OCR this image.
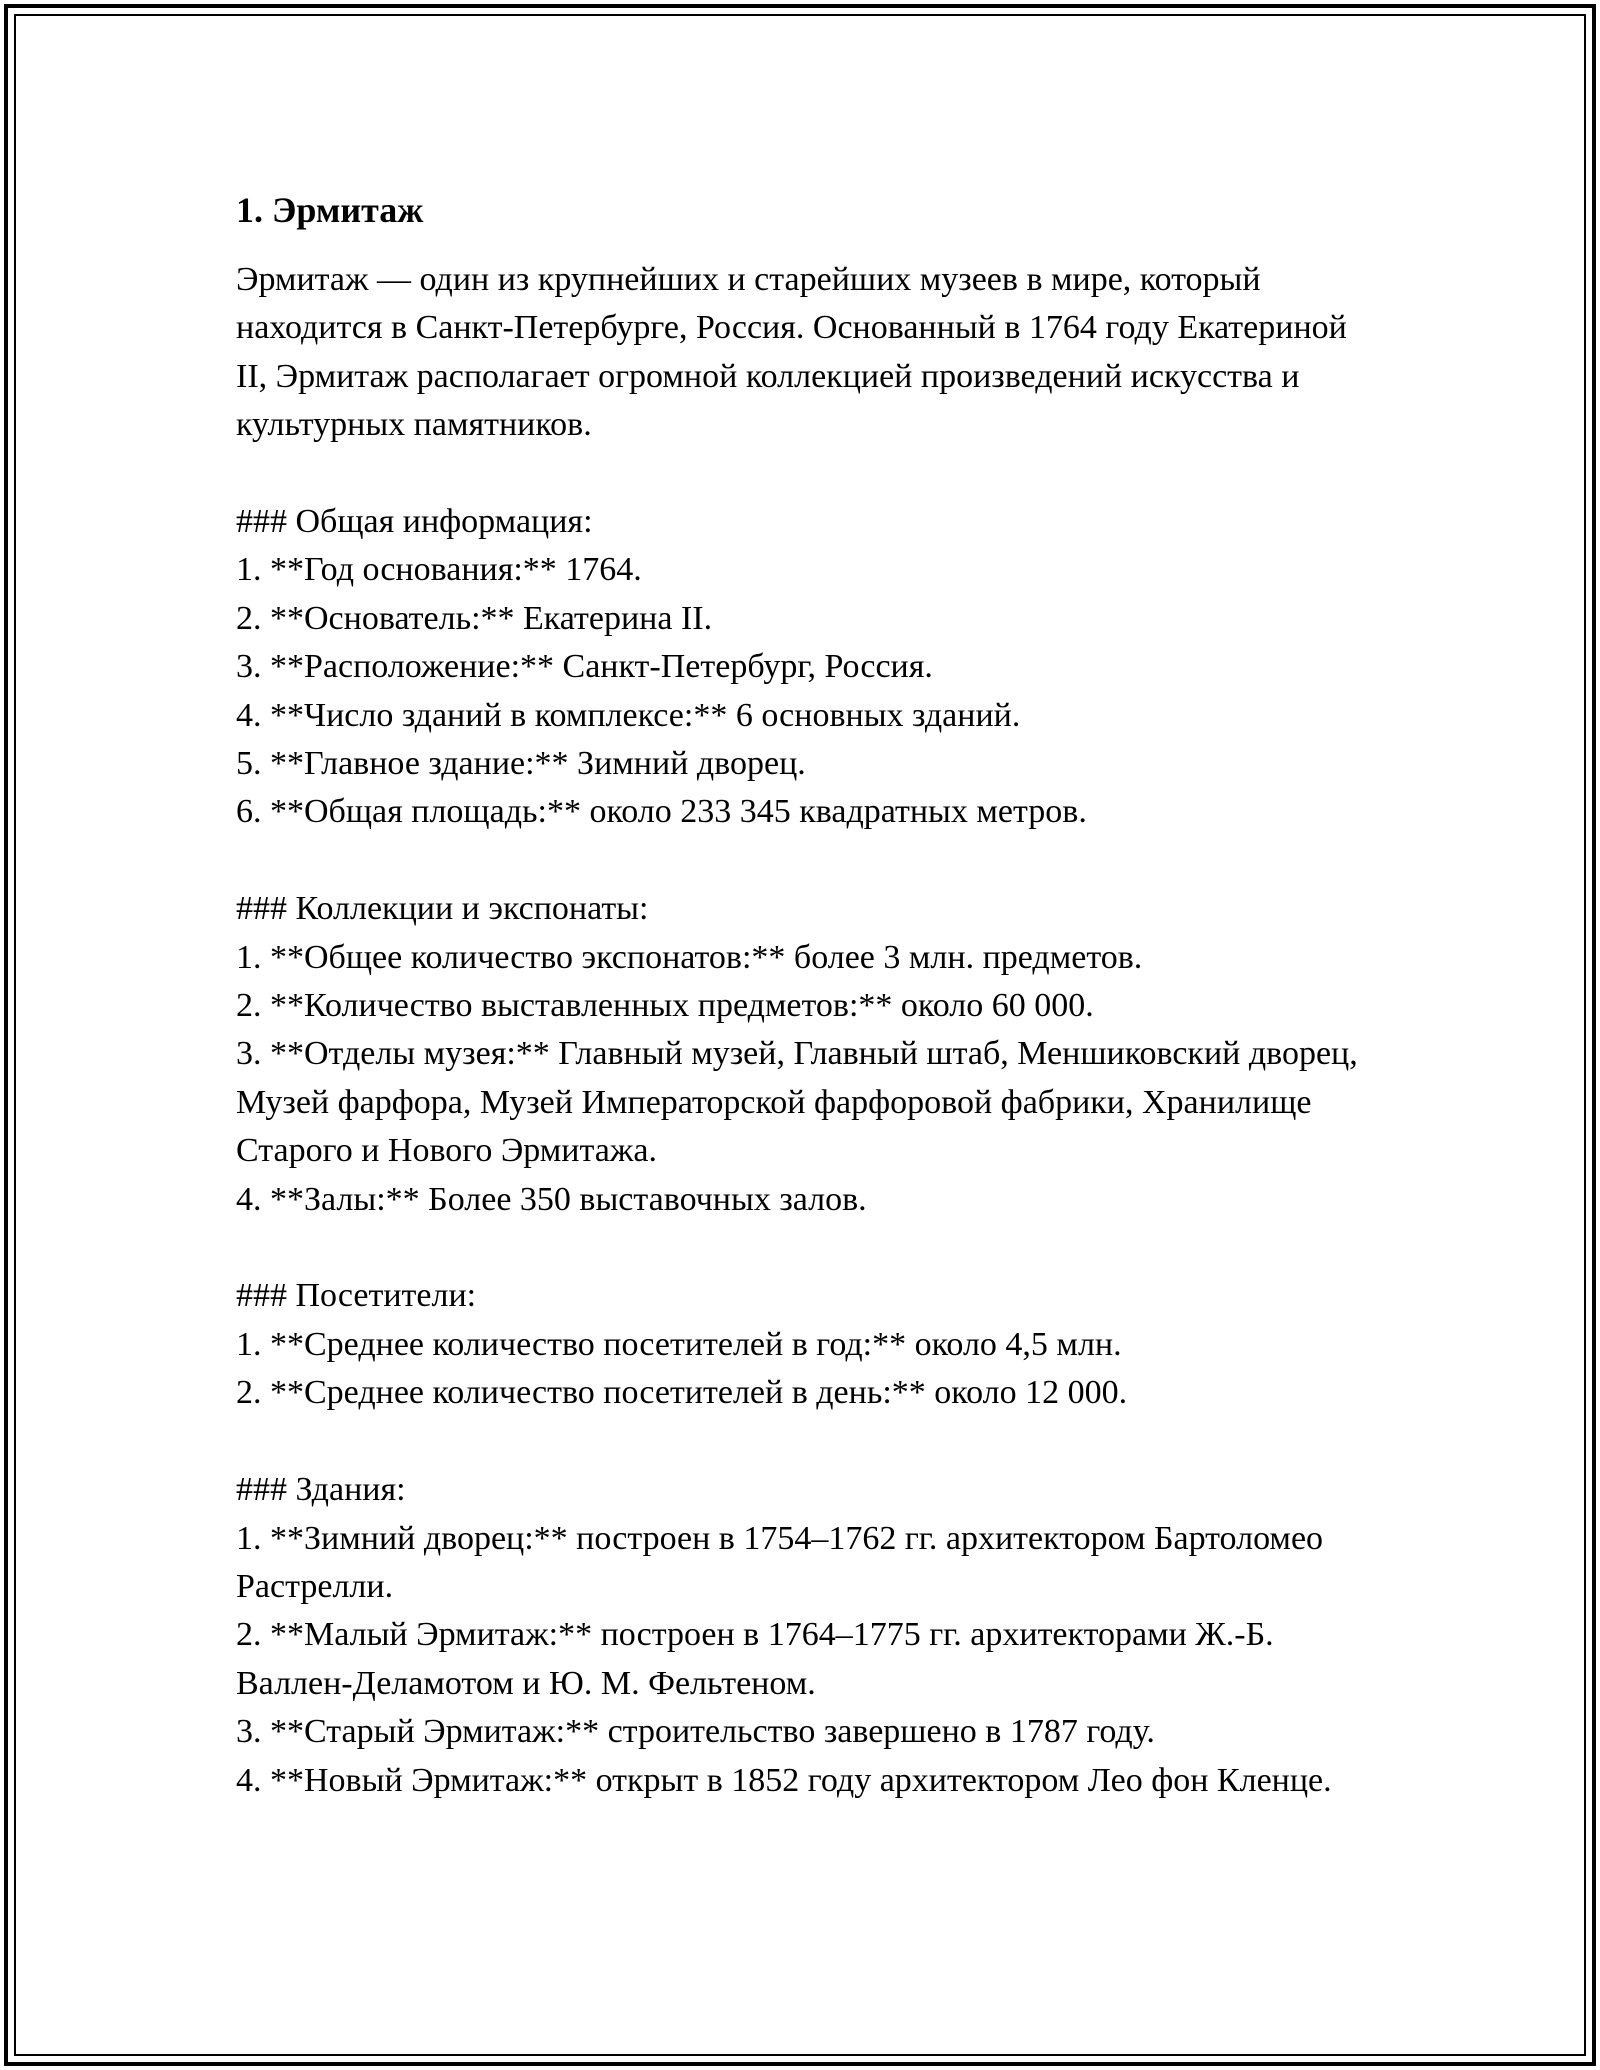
1. Эрмитаж

Эрмитаж — один из крупнейших и старейших музеев в мире, который находится в Санкт-Петербурге, Россия. Основанный в 1764 году Екатериной II, Эрмитаж располагает огромной коллекцией произведений искусства и культурных памятников.

### Общая информация:
1. **Год основания:** 1764.
2. **Основатель:** Екатерина II.
3. **Расположение:** Санкт-Петербург, Россия.
4. **Число зданий в комплексе:** 6 основных зданий.
5. **Главное здание:** Зимний дворец.
6. **Общая площадь:** около 233 345 квадратных метров.
### Коллекции и экспонаты:
1. **Общее количество экспонатов:** более 3 млн. предметов.
2. **Количество выставленных предметов:** около 60 000.
3. **Отделы музея:** Главный музей, Главный штаб, Меншиковский дворец, Музей фарфора, Музей Императорской фарфоровой фабрики, Хранилище Старого и Нового Эрмитажа.
4. **Залы:** Более 350 выставочных залов.
### Посетители:
1. **Среднее количество посетителей в год:** около 4,5 млн.
2. **Среднее количество посетителей в день:** около 12 000.
### Здания:
1. **Зимний дворец:** построен в 1754–1762 гг. архитектором Бартоломео Растрелли.
2. **Малый Эрмитаж:** построен в 1764–1775 гг. архитекторами Ж.-Б. Валлен-Деламотом и Ю. М. Фельтеном.
3. **Старый Эрмитаж:** строительство завершено в 1787 году.
4. **Новый Эрмитаж:** открыт в 1852 году архитектором Лео фон Кленце.
